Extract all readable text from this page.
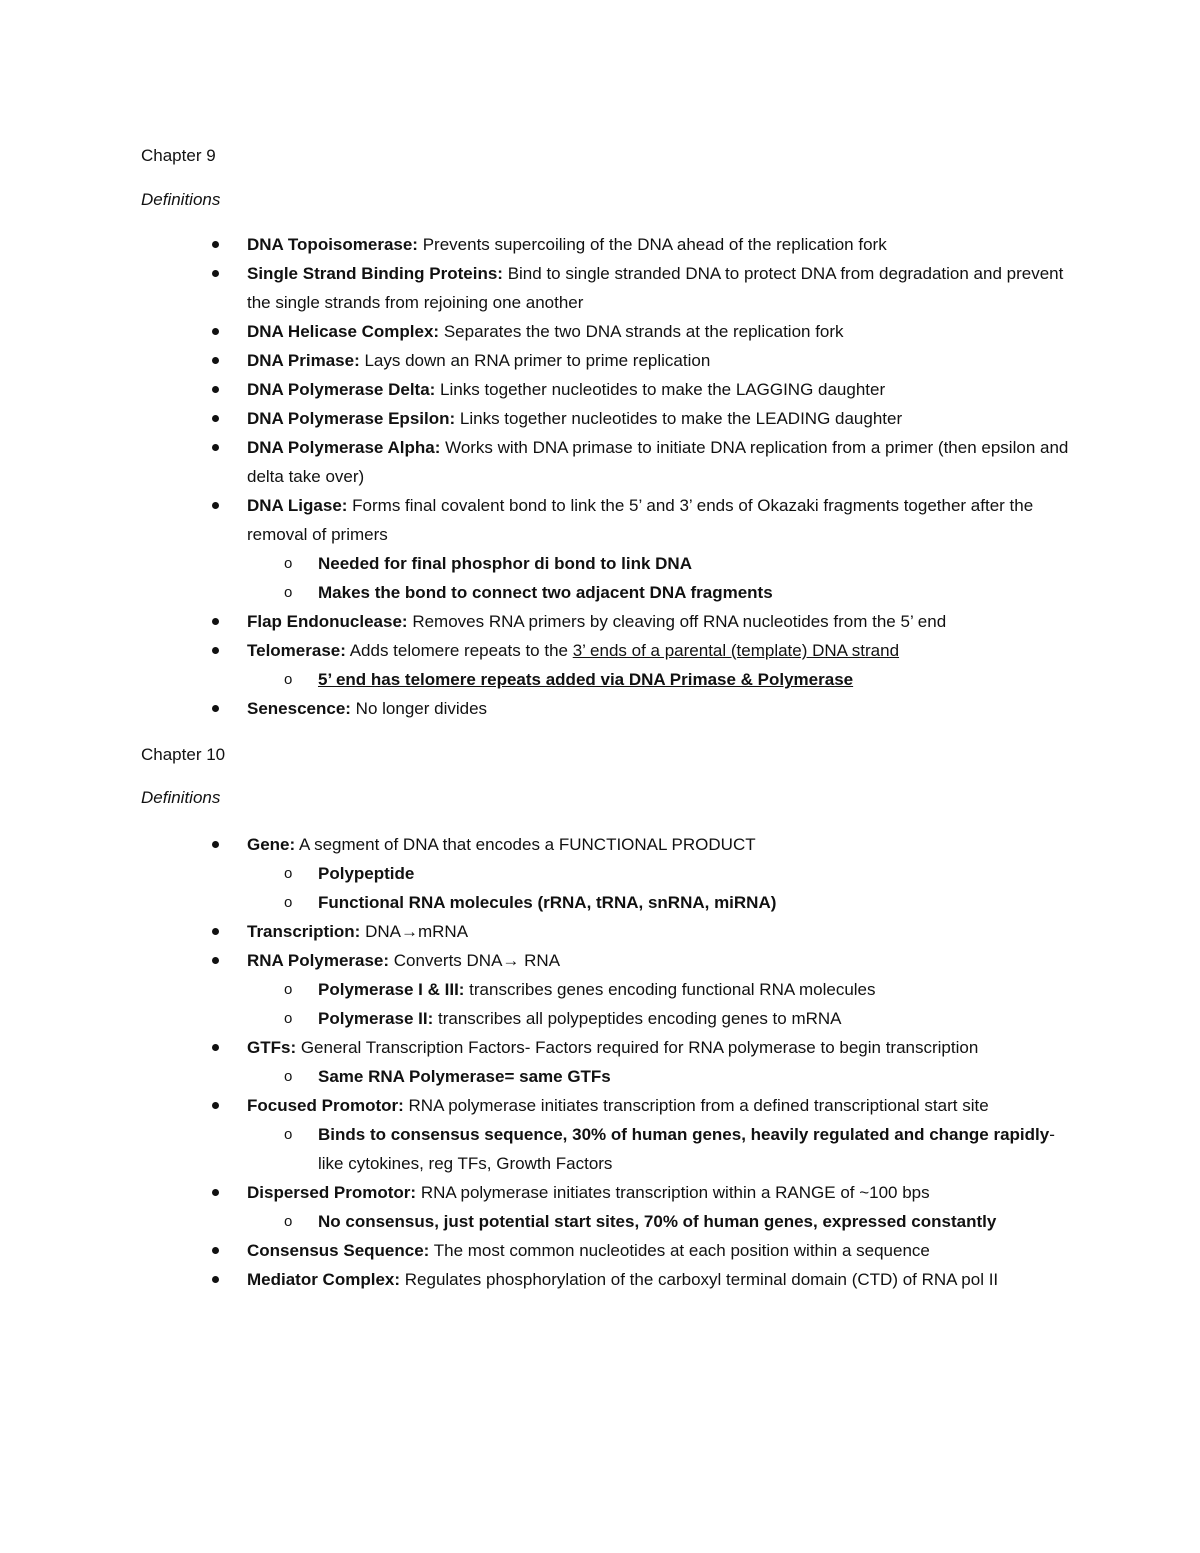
Chapter 9
Definitions
DNA Topoisomerase: Prevents supercoiling of the DNA ahead of the replication fork
Single Strand Binding Proteins: Bind to single stranded DNA to protect DNA from degradation and prevent the single strands from rejoining one another
DNA Helicase Complex: Separates the two DNA strands at the replication fork
DNA Primase: Lays down an RNA primer to prime replication
DNA Polymerase Delta: Links together nucleotides to make the LAGGING daughter
DNA Polymerase Epsilon: Links together nucleotides to make the LEADING daughter
DNA Polymerase Alpha: Works with DNA primase to initiate DNA replication from a primer (then epsilon and delta take over)
DNA Ligase: Forms final covalent bond to link the 5’ and 3’ ends of Okazaki fragments together after the removal of primers
o Needed for final phosphor di bond to link DNA
o Makes the bond to connect two adjacent DNA fragments
Flap Endonuclease: Removes RNA primers by cleaving off RNA nucleotides from the 5’ end
Telomerase: Adds telomere repeats to the 3’ ends of a parental (template) DNA strand
o 5’ end has telomere repeats added via DNA Primase & Polymerase
Senescence: No longer divides
Chapter 10
Definitions
Gene: A segment of DNA that encodes a FUNCTIONAL PRODUCT
o Polypeptide
o Functional RNA molecules (rRNA, tRNA, snRNA, miRNA)
Transcription: DNA→mRNA
RNA Polymerase: Converts DNA→ RNA
o Polymerase I & III: transcribes genes encoding functional RNA molecules
o Polymerase II: transcribes all polypeptides encoding genes to mRNA
GTFs: General Transcription Factors- Factors required for RNA polymerase to begin transcription
o Same RNA Polymerase= same GTFs
Focused Promotor: RNA polymerase initiates transcription from a defined transcriptional start site
o Binds to consensus sequence, 30% of human genes, heavily regulated and change rapidly- like cytokines, reg TFs, Growth Factors
Dispersed Promotor: RNA polymerase initiates transcription within a RANGE of ~100 bps
o No consensus, just potential start sites, 70% of human genes, expressed constantly
Consensus Sequence: The most common nucleotides at each position within a sequence
Mediator Complex: Regulates phosphorylation of the carboxyl terminal domain (CTD) of RNA pol II
